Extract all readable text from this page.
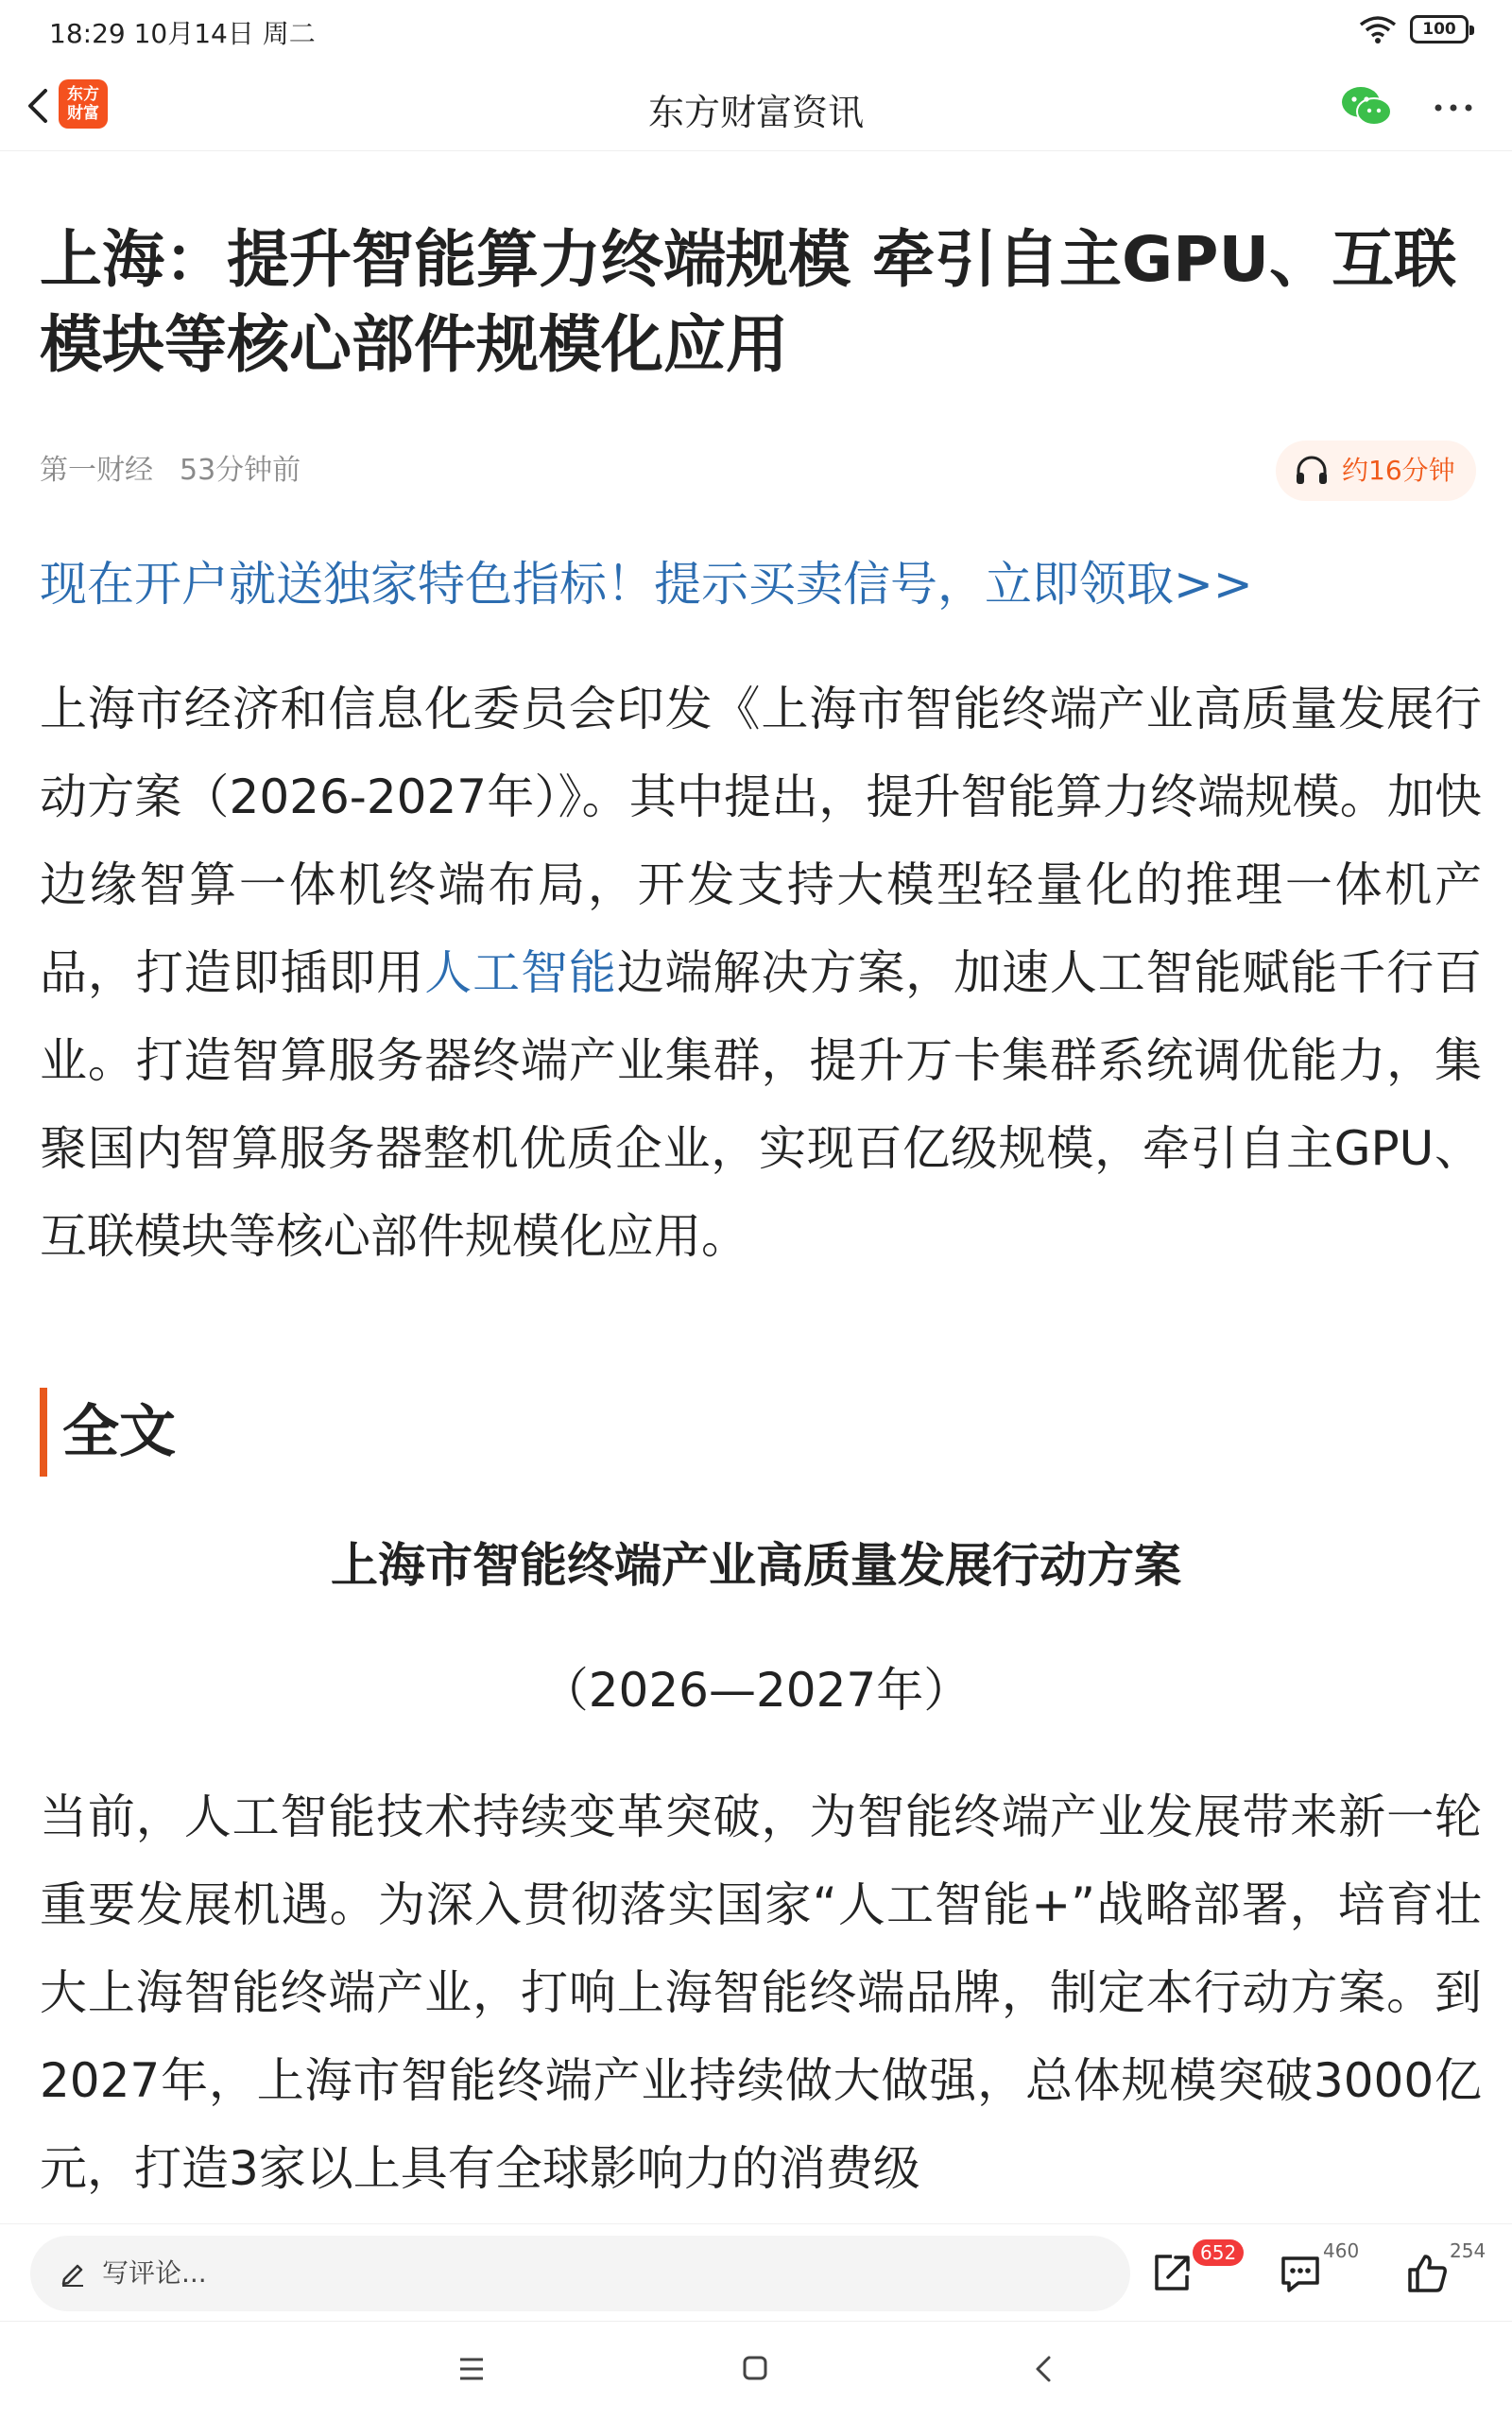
18:29 10月14日 周二	100
东方
财富	东方财富资讯
上海：提升智能算力终端规模 牵引自主GPU、互联模块等核心部件规模化应用
第一财经 53分钟前	约16分钟
现在开户就送独家特色指标！提示买卖信号，立即领取>>
上海市经济和信息化委员会印发《上海市智能终端产业高质量发展行动方案（2026-2027年）》。其中提出，提升智能算力终端规模。加快边缘智算一体机终端布局，开发支持大模型轻量化的推理一体机产品，打造即插即用人工智能边端解决方案，加速人工智能赋能千行百业。打造智算服务器终端产业集群，提升万卡集群系统调优能力，集聚国内智算服务器整机优质企业，实现百亿级规模，牵引自主GPU、互联模块等核心部件规模化应用。
全文
上海市智能终端产业高质量发展行动方案
（2026—2027年）
当前，人工智能技术持续变革突破，为智能终端产业发展带来新一轮重要发展机遇。为深入贯彻落实国家“人工智能+”战略部署，培育壮大上海智能终端产业，打响上海智能终端品牌，制定本行动方案。到2027年，上海市智能终端产业持续做大做强，总体规模突破3000亿元，打造3家以上具有全球影响力的消费级
写评论...
652	460	254
